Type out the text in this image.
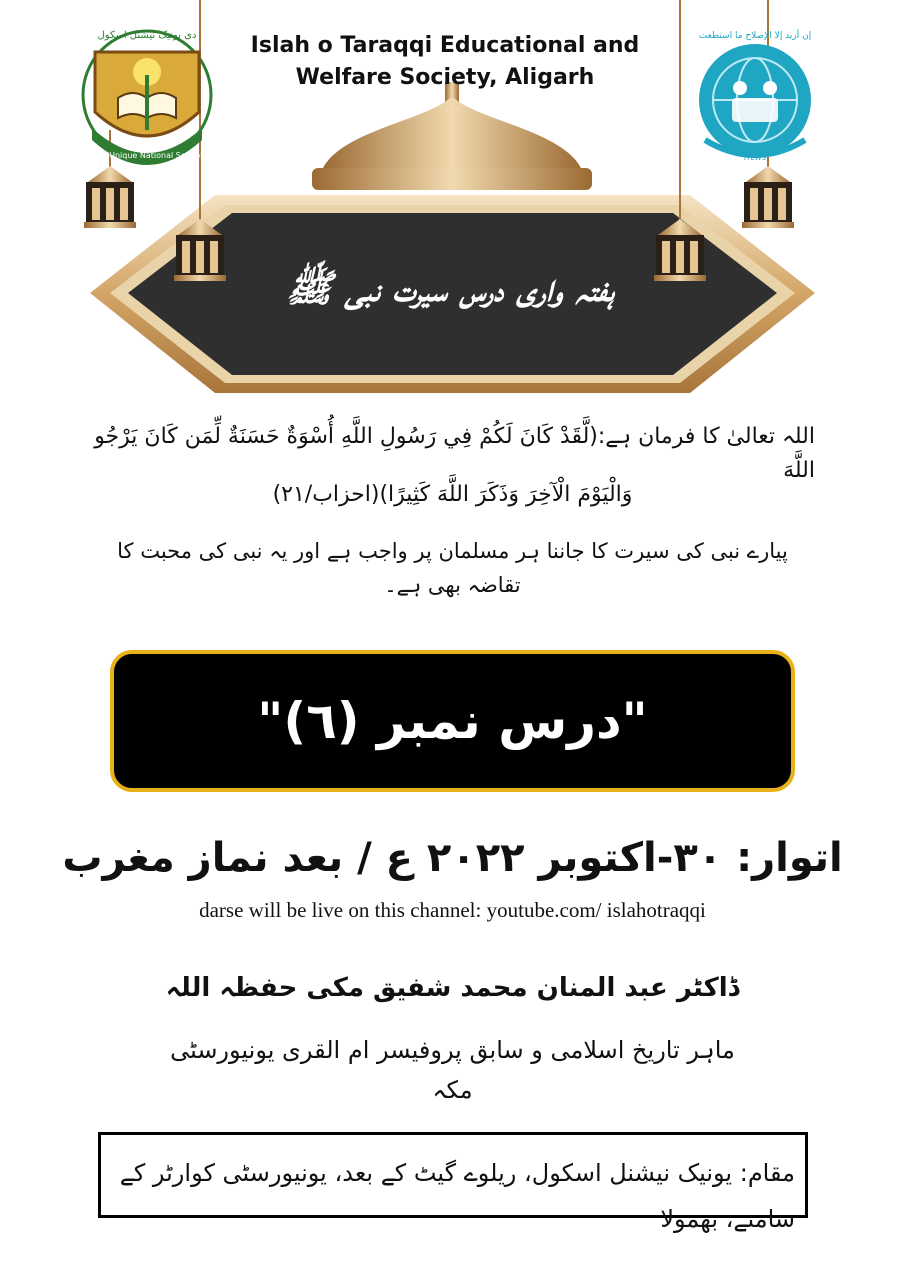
دی یونیک نیشنل اسکول
The Unique National School
إن أريد إلا الإصلاح ما استطعت
ITEWS
Islah o Taraqqi Educational and Welfare Society, Aligarh
ہفتہ واری درس سیرت نبی ﷺ
اللہ تعالیٰ کا فرمان ہے:(لَّقَدْ كَانَ لَكُمْ فِي رَسُولِ اللَّهِ أُسْوَةٌ حَسَنَةٌ لِّمَن كَانَ يَرْجُو اللَّهَ
وَالْيَوْمَ الْآخِرَ وَذَكَرَ اللَّهَ كَثِيرًا)(احزاب/۲۱)
پیارے نبی کی سیرت کا جاننا ہر مسلمان پر واجب ہے اور یہ نبی کی محبت کا تقاضہ بھی ہے۔
"درس نمبر (٦)"
اتوار: ۳۰-اکتوبر ۲۰۲۲ ع / بعد نماز مغرب
darse will be live on this channel: youtube.com/ islahotraqqi
ڈاکٹر عبد المنان محمد شفیق مکی حفظہ اللہ
ماہر تاریخ اسلامی و سابق پروفیسر ام القری یونیورسٹی مکہ
مقام: یونیک نیشنل اسکول، ریلوے گیٹ کے بعد، یونیورسٹی کوارٹر کے سامنے، بھمولا
